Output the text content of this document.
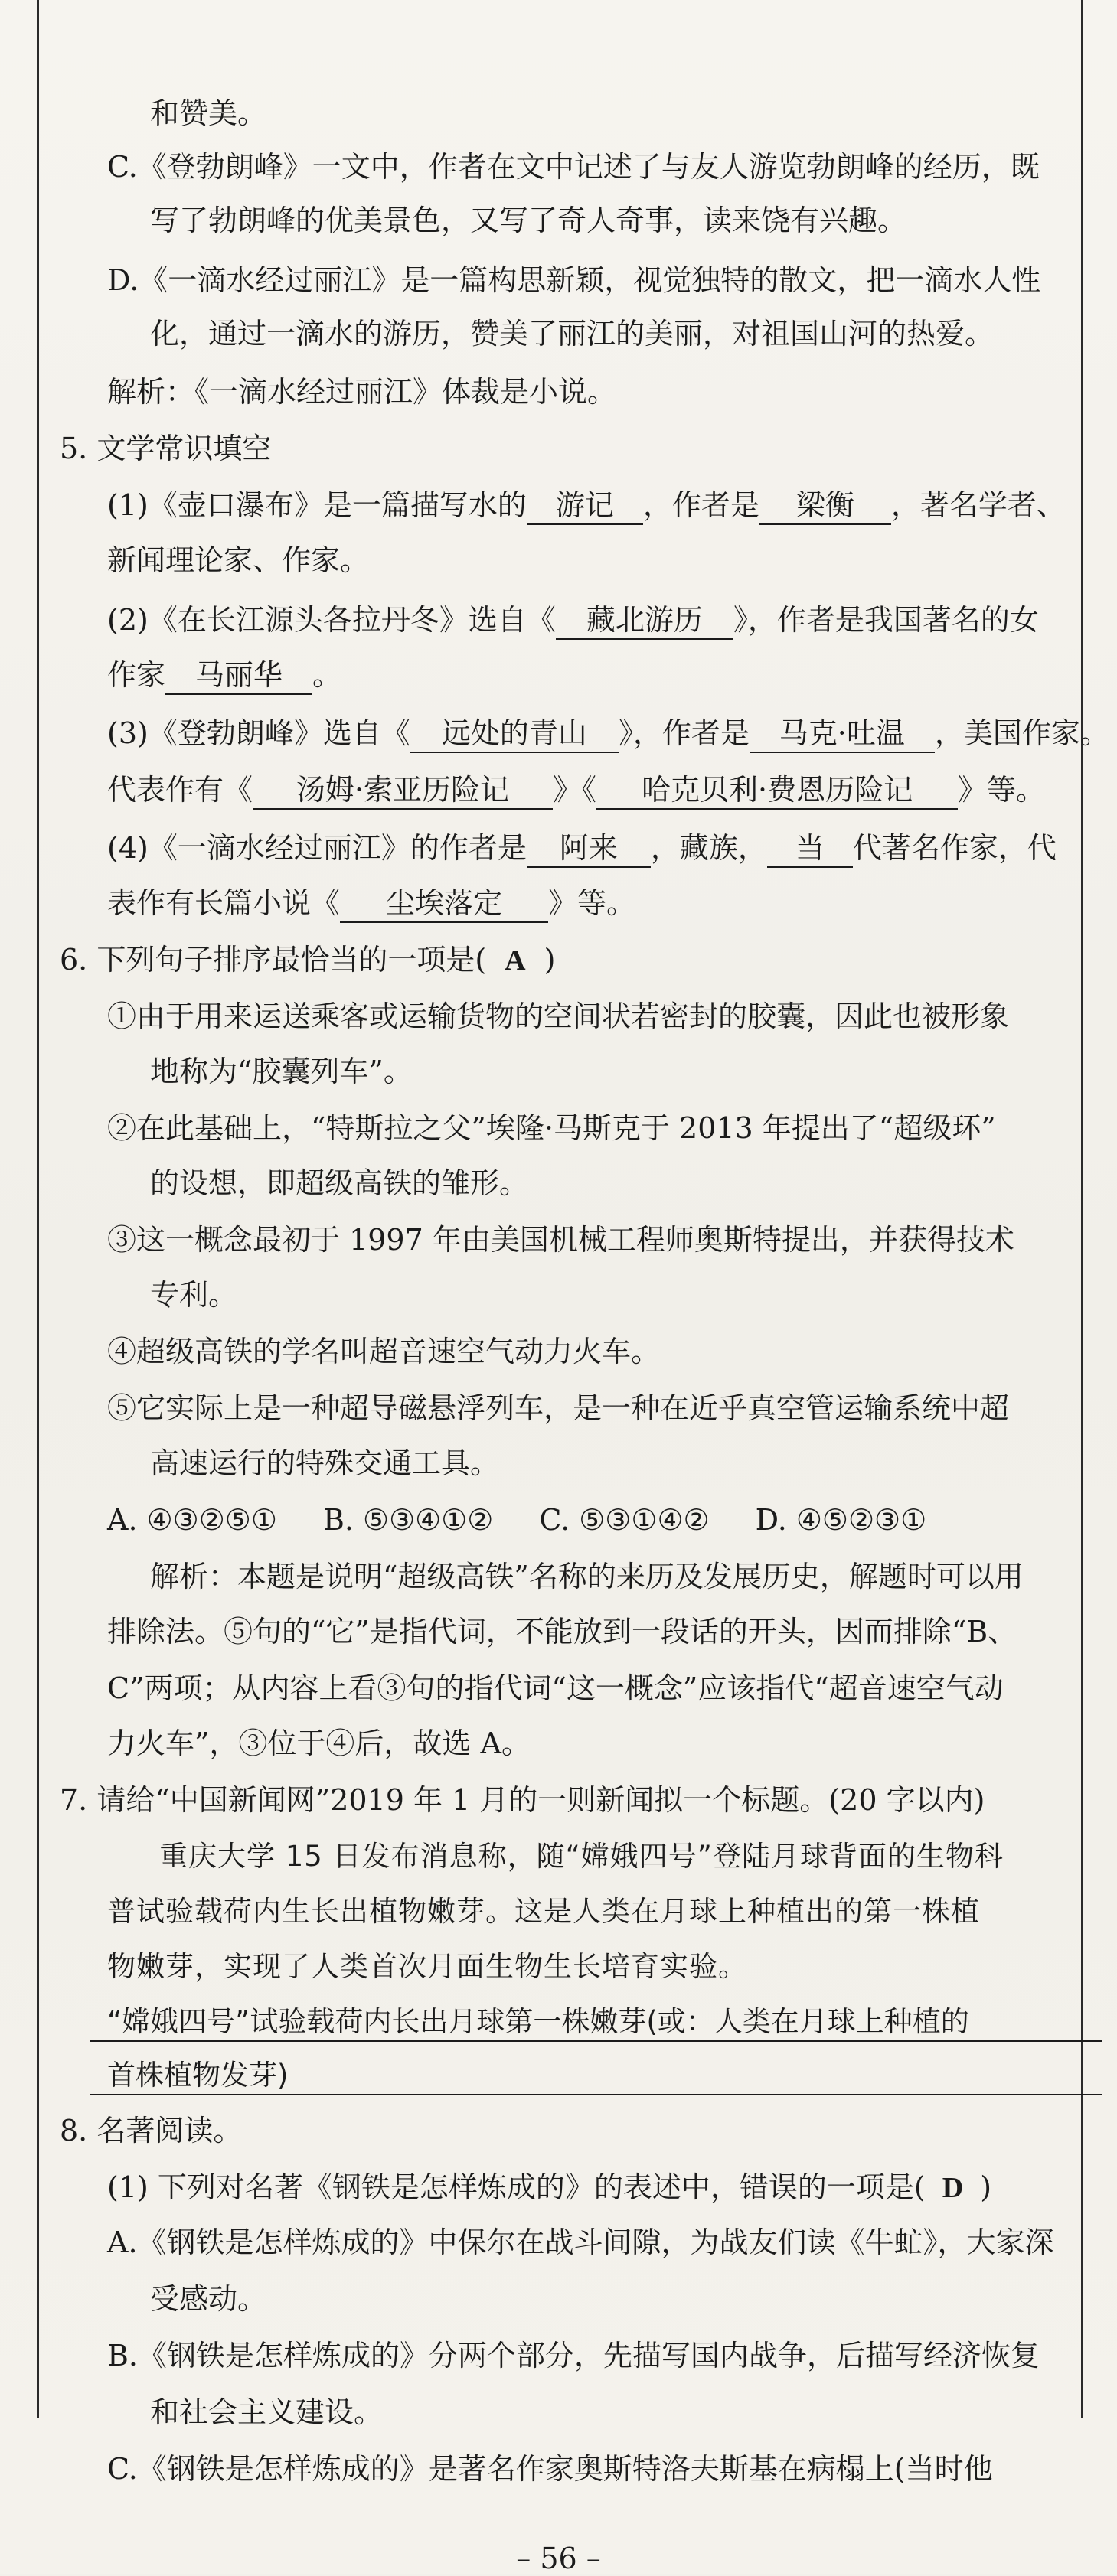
和赞美。
C.《登勃朗峰》一文中，作者在文中记述了与友人游览勃朗峰的经历，既
写了勃朗峰的优美景色，又写了奇人奇事，读来饶有兴趣。
D.《一滴水经过丽江》是一篇构思新颖，视觉独特的散文，把一滴水人性
化，通过一滴水的游历，赞美了丽江的美丽，对祖国山河的热爱。
解析：《一滴水经过丽江》体裁是小说。
5. 文学常识填空
(1)《壶口瀑布》是一篇描写水的 游记 ，作者是 梁衡 ，著名学者、
新闻理论家、作家。
(2)《在长江源头各拉丹冬》选自《 藏北游历 》，作者是我国著名的女
作家 马丽华 。
(3)《登勃朗峰》选自《 远处的青山 》，作者是 马克·吐温 ，美国作家。
代表作有《 汤姆·索亚历险记 》《 哈克贝利·费恩历险记 》等。
(4)《一滴水经过丽江》的作者是 阿来 ，藏族， 当 代著名作家，代
表作有长篇小说《 尘埃落定 》等。
6. 下列句子排序最恰当的一项是( A )
①由于用来运送乘客或运输货物的空间状若密封的胶囊，因此也被形象
地称为“胶囊列车”。
②在此基础上，“特斯拉之父”埃隆·马斯克于 2013 年提出了“超级环”
的设想，即超级高铁的雏形。
③这一概念最初于 1997 年由美国机械工程师奥斯特提出，并获得技术
专利。
④超级高铁的学名叫超音速空气动力火车。
⑤它实际上是一种超导磁悬浮列车，是一种在近乎真空管运输系统中超
高速运行的特殊交通工具。
A. ④③②⑤① B. ⑤③④①② C. ⑤③①④② D. ④⑤②③①
解析：本题是说明“超级高铁”名称的来历及发展历史，解题时可以用
排除法。⑤句的“它”是指代词，不能放到一段话的开头，因而排除“B、
C”两项；从内容上看③句的指代词“这一概念”应该指代“超音速空气动
力火车”，③位于④后，故选 A。
7. 请给“中国新闻网”2019 年 1 月的一则新闻拟一个标题。(20 字以内)
重庆大学 15 日发布消息称，随“嫦娥四号”登陆月球背面的生物科
普试验载荷内生长出植物嫩芽。这是人类在月球上种植出的第一株植
物嫩芽，实现了人类首次月面生物生长培育实验。
“嫦娥四号”试验载荷内长出月球第一株嫩芽(或：人类在月球上种植的
首株植物发芽)
8. 名著阅读。
(1) 下列对名著《钢铁是怎样炼成的》的表述中，错误的一项是( D )
A.《钢铁是怎样炼成的》中保尔在战斗间隙，为战友们读《牛虻》，大家深
受感动。
B.《钢铁是怎样炼成的》分两个部分，先描写国内战争，后描写经济恢复
和社会主义建设。
C.《钢铁是怎样炼成的》是著名作家奥斯特洛夫斯基在病榻上(当时他
– 56 –
